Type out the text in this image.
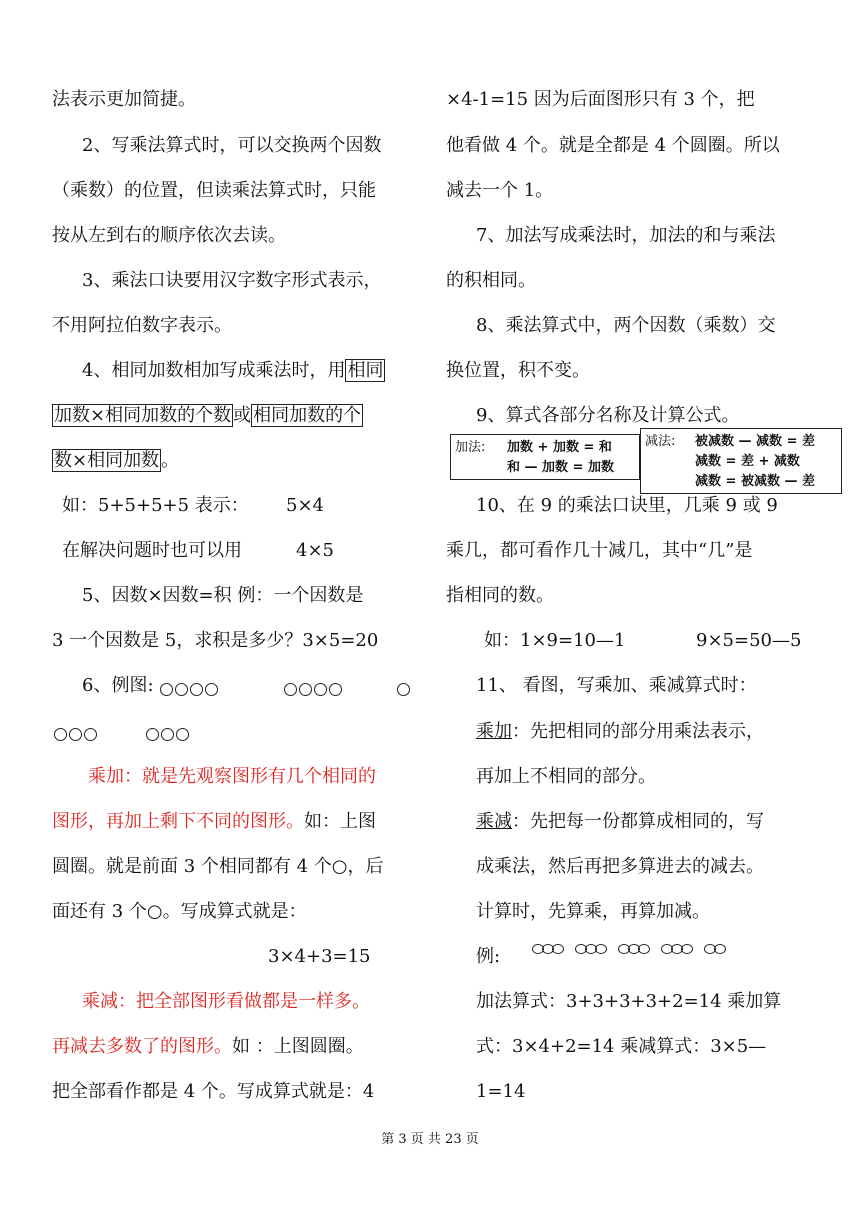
法表示更加简捷。
2、写乘法算式时，可以交换两个因数
（乘数）的位置，但读乘法算式时，只能
按从左到右的顺序依次去读。
3、乘法口诀要用汉字数字形式表示，
不用阿拉伯数字表示。
4、相同加数相加写成乘法时，用 相同
加数×相同加数的个数 或 相同加数的个
数×相同加数 。
如：5+5+5+5 表示： 5×4
在解决问题时也可以用	4×5
5、因数×因数=积 例：一个因数是
3 一个因数是 5，求积是多少？3×5=20
6、例图:
乘加：就是先观察图形有几个相同的
图形，再加上剩下不同的图形。如：上图
圆圈。就是前面 3 个相同都有 4 个○，后
面还有 3 个○。写成算式就是：
3×4+3=15
乘减：把全部图形看做都是一样多。
再减去多数了的图形。如 ：上图圆圈。
把全部看作都是 4 个。写成算式就是：4
×4-1=15 因为后面图形只有 3 个，把
他看做 4 个。就是全都是 4 个圆圈。所以
减去一个 1。
7、加法写成乘法时，加法的和与乘法
的积相同。
8、乘法算式中，两个因数（乘数）交
换位置，积不变。
9、算式各部分名称及计算公式。
加法: 加数 + 加数 = 和
和 — 加数 = 加数
减法: 被减数 — 减数 = 差
减数 = 差 + 减数
减数 = 被减数 — 差
10、在 9 的乘法口诀里，几乘 9 或 9
乘几，都可看作几十减几，其中“几”是
指相同的数。
如：1×9=10—1	9×5=50—5
11、 看图，写乘加、乘减算式时：
乘加：先把相同的部分用乘法表示，
再加上不相同的部分。
乘减：先把每一份都算成相同的，写
成乘法，然后再把多算进去的减去。
计算时，先算乘，再算加减。
例:

加法算式：3+3+3+3+2=14 乘加算
式：3×4+2=14 乘减算式：3×5—
1=14
第 3 页 共 23 页
